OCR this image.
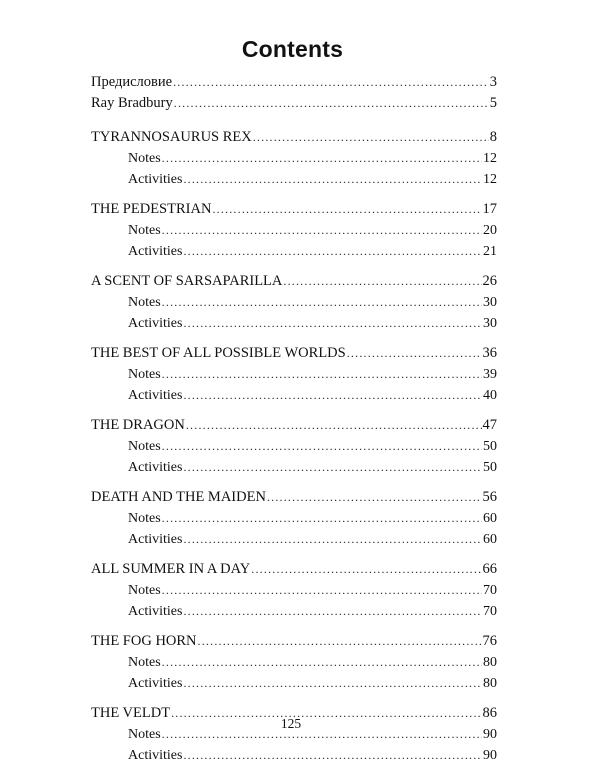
Contents
Предисловие .....	3
Ray Bradbury .....	5
TYRANNOSAURUS REX .....	8
Notes .....	12
Activities .....	12
THE PEDESTRIAN .....	17
Notes .....	20
Activities .....	21
A SCENT OF SARSAPARILLA .....	26
Notes .....	30
Activities .....	30
THE BEST OF ALL POSSIBLE WORLDS .....	36
Notes .....	39
Activities .....	40
THE DRAGON .....	47
Notes .....	50
Activities .....	50
DEATH AND THE MAIDEN .....	56
Notes .....	60
Activities .....	60
ALL SUMMER IN A DAY .....	66
Notes .....	70
Activities .....	70
THE FOG HORN .....	76
Notes .....	80
Activities .....	80
THE VELDT .....	86
Notes .....	90
Activities .....	90
125
